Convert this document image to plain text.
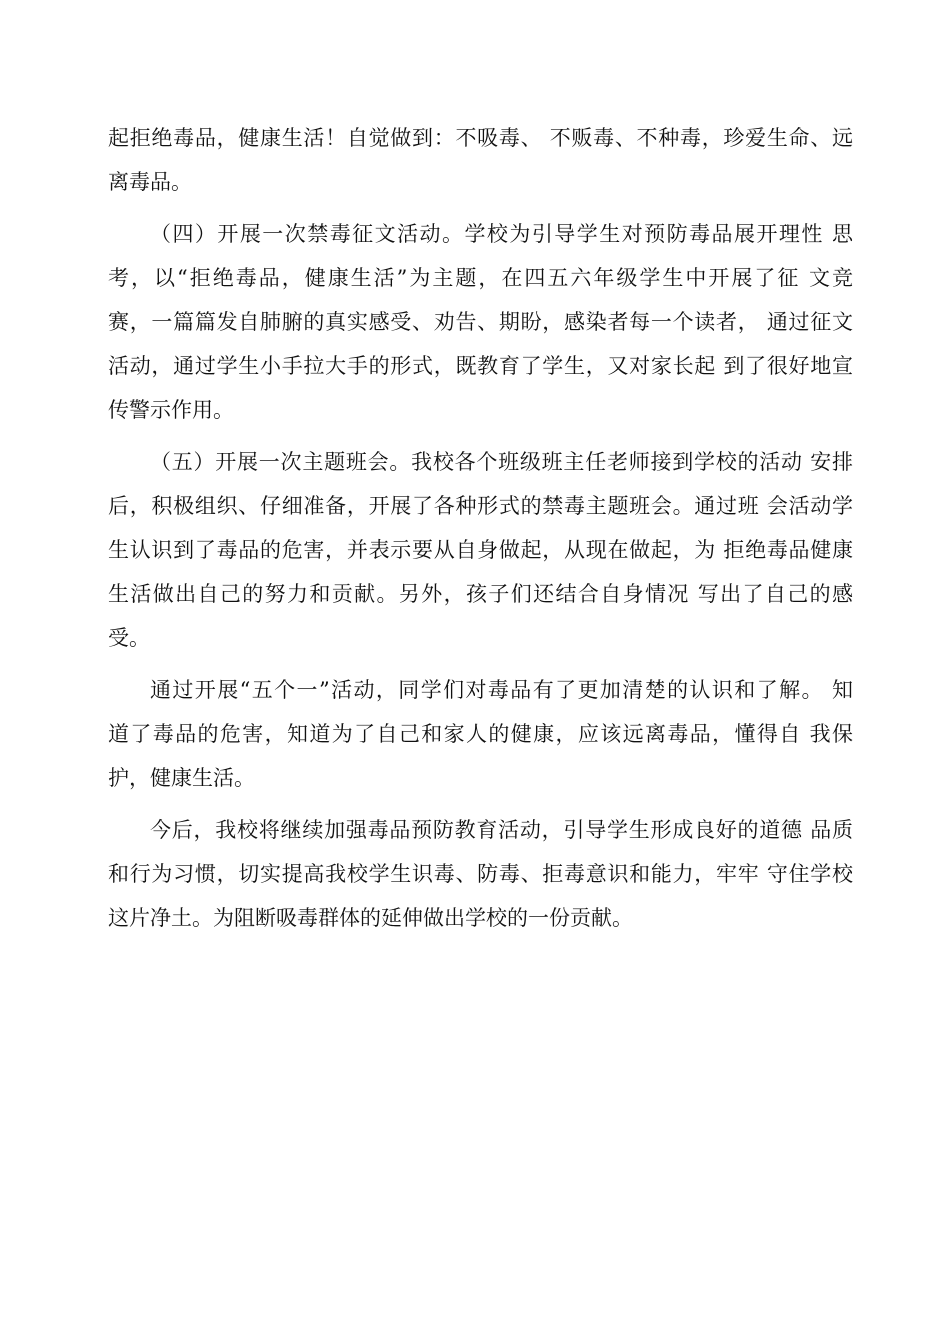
起拒绝毒品，健康生活！自觉做到：不吸毒、 不贩毒、不种毒，珍爱生命、远
离毒品。

（四）开展一次禁毒征文活动。学校为引导学生对预防毒品展开理性 思
考，以“拒绝毒品，健康生活”为主题，在四五六年级学生中开展了征 文竞
赛，一篇篇发自肺腑的真实感受、劝告、期盼，感染者每一个读者， 通过征文
活动，通过学生小手拉大手的形式，既教育了学生，又对家长起 到了很好地宣
传警示作用。

（五）开展一次主题班会。我校各个班级班主任老师接到学校的活动 安排
后，积极组织、仔细准备，开展了各种形式的禁毒主题班会。通过班 会活动学
生认识到了毒品的危害，并表示要从自身做起，从现在做起，为 拒绝毒品健康
生活做出自己的努力和贡献。另外，孩子们还结合自身情况 写出了自己的感
受。

通过开展“五个一”活动，同学们对毒品有了更加清楚的认识和了解。 知
道了毒品的危害，知道为了自己和家人的健康，应该远离毒品，懂得自 我保
护，健康生活。

今后，我校将继续加强毒品预防教育活动，引导学生形成良好的道德 品质
和行为习惯，切实提高我校学生识毒、防毒、拒毒意识和能力，牢牢 守住学校
这片净土。为阻断吸毒群体的延伸做出学校的一份贡献。
